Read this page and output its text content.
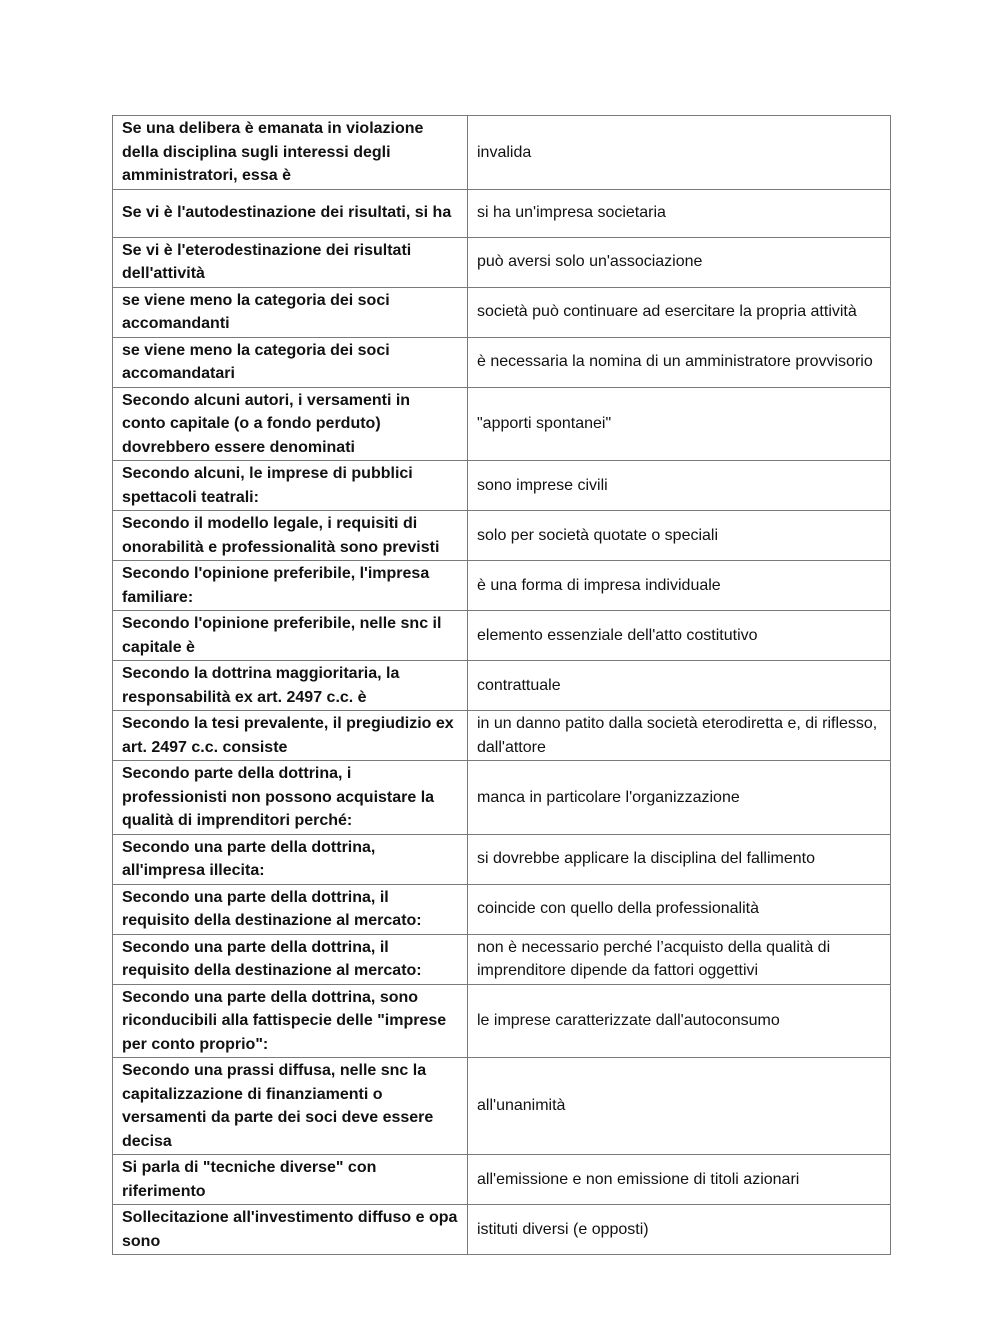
Se una delibera è emanata in violazione della disciplina sugli interessi degli amministratori, essa è	invalida
Se vi è l'autodestinazione dei risultati, si ha	si ha un'impresa societaria
Se vi è l'eterodestinazione dei risultati dell'attività	può aversi solo un'associazione
se viene meno la categoria dei soci accomandanti	società può continuare ad esercitare la propria attività
se viene meno la categoria dei soci accomandatari	è necessaria la nomina di un amministratore provvisorio
Secondo alcuni autori, i versamenti in conto capitale (o a fondo perduto) dovrebbero essere denominati	"apporti spontanei"
Secondo alcuni, le imprese di pubblici spettacoli teatrali:	sono imprese civili
Secondo il modello legale, i requisiti di onorabilità e professionalità sono previsti	solo per società quotate o speciali
Secondo l'opinione preferibile, l'impresa familiare:	è una forma di impresa individuale
Secondo l'opinione preferibile, nelle snc il capitale è	elemento essenziale dell'atto costitutivo
Secondo la dottrina maggioritaria, la responsabilità ex art. 2497 c.c. è	contrattuale
Secondo la tesi prevalente, il pregiudizio ex art. 2497 c.c. consiste	in un danno patito dalla società eterodiretta e, di riflesso, dall'attore
Secondo parte della dottrina, i professionisti non possono acquistare la qualità di imprenditori perché:	manca in particolare l'organizzazione
Secondo una parte della dottrina, all'impresa illecita:	si dovrebbe applicare la disciplina del fallimento
Secondo una parte della dottrina, il requisito della destinazione al mercato:	coincide con quello della professionalità
Secondo una parte della dottrina, il requisito della destinazione al mercato:	non è necessario perché l’acquisto della qualità di imprenditore dipende da fattori oggettivi
Secondo una parte della dottrina, sono riconducibili alla fattispecie delle "imprese per conto proprio":	le imprese caratterizzate dall'autoconsumo
Secondo una prassi diffusa, nelle snc la capitalizzazione di finanziamenti o versamenti da parte dei soci deve essere decisa	all'unanimità
Si parla di "tecniche diverse" con riferimento	all'emissione e non emissione di titoli azionari
Sollecitazione all'investimento diffuso e opa sono	istituti diversi (e opposti)
